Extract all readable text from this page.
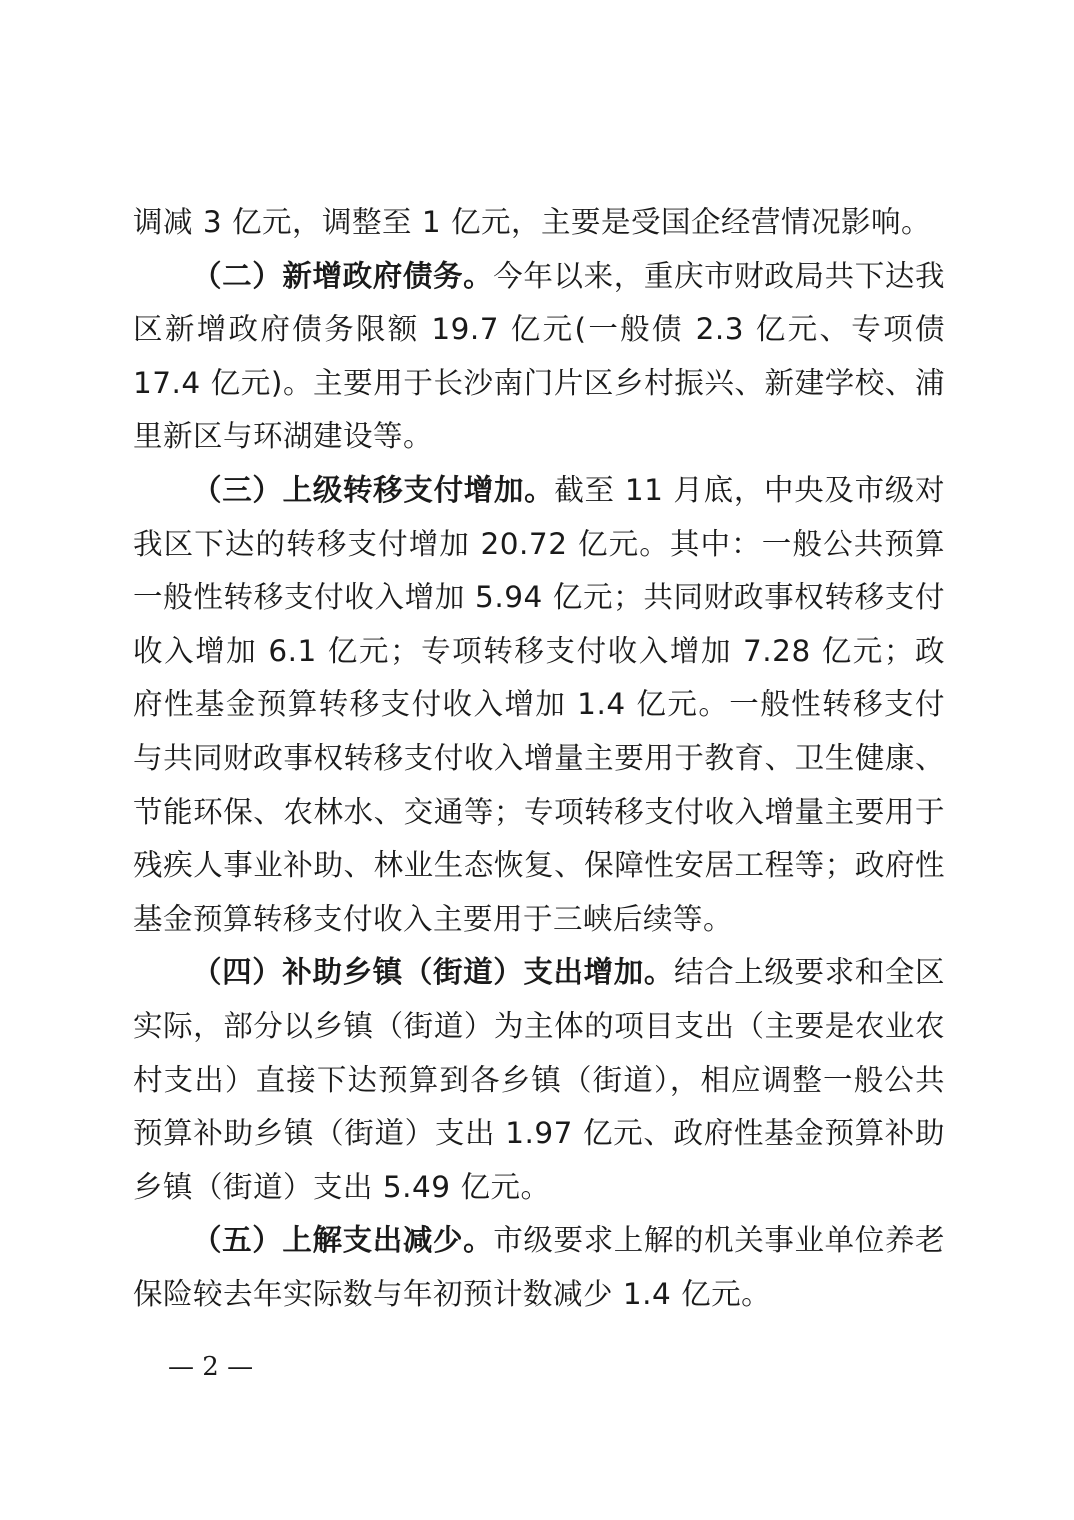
调减 3 亿元，调整至 1 亿元，主要是受国企经营情况影响。

（二）新增政府债务。今年以来，重庆市财政局共下达我区新增政府债务限额 19.7 亿元(一般债 2.3 亿元、专项债 17.4 亿元)。主要用于长沙南门片区乡村振兴、新建学校、浦里新区与环湖建设等。

（三）上级转移支付增加。截至 11 月底，中央及市级对我区下达的转移支付增加 20.72 亿元。其中：一般公共预算一般性转移支付收入增加 5.94 亿元；共同财政事权转移支付收入增加 6.1 亿元；专项转移支付收入增加 7.28 亿元；政府性基金预算转移支付收入增加 1.4 亿元。一般性转移支付与共同财政事权转移支付收入增量主要用于教育、卫生健康、节能环保、农林水、交通等；专项转移支付收入增量主要用于残疾人事业补助、林业生态恢复、保障性安居工程等；政府性基金预算转移支付收入主要用于三峡后续等。

（四）补助乡镇（街道）支出增加。结合上级要求和全区实际，部分以乡镇（街道）为主体的项目支出（主要是农业农村支出）直接下达预算到各乡镇（街道），相应调整一般公共预算补助乡镇（街道）支出 1.97 亿元、政府性基金预算补助乡镇（街道）支出 5.49 亿元。

（五）上解支出减少。市级要求上解的机关事业单位养老保险较去年实际数与年初预计数减少 1.4 亿元。

— 2 —
